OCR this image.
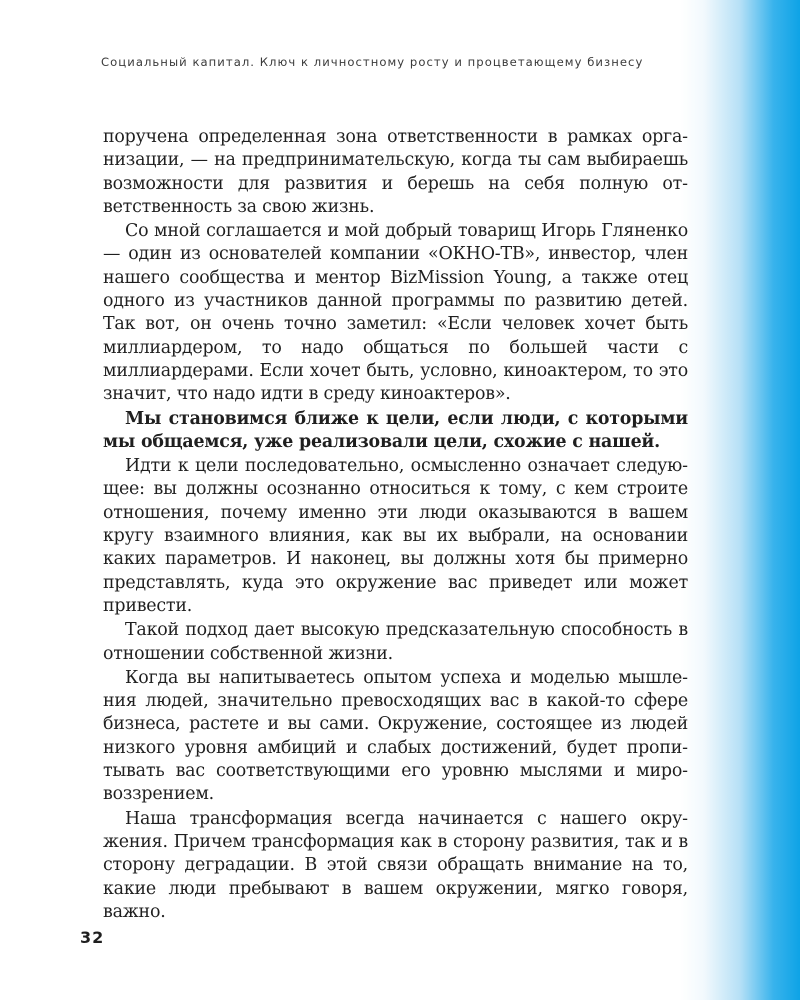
Социальный капитал. Ключ к личностному росту и процветающему бизнесу

поручена определенная зона ответственности в рамках организации, — на предпринимательскую, когда ты сам выбираешь возможности для развития и берешь на себя полную ответственность за свою жизнь.

Со мной соглашается и мой добрый товарищ Игорь Гляненко — один из основателей компании «ОКНО-ТВ», инвестор, член нашего сообщества и ментор BizMission Young, а также отец одного из участников данной программы по развитию детей. Так вот, он очень точно заметил: «Если человек хочет быть миллиардером, то надо общаться по большей части с миллиардерами. Если хочет быть, условно, киноактером, то это значит, что надо идти в среду киноактеров».

Мы становимся ближе к цели, если люди, с которыми мы общаемся, уже реализовали цели, схожие с нашей.

Идти к цели последовательно, осмысленно означает следующее: вы должны осознанно относиться к тому, с кем строите отношения, почему именно эти люди оказываются в вашем кругу взаимного влияния, как вы их выбрали, на основании каких параметров. И наконец, вы должны хотя бы примерно представлять, куда это окружение вас приведет или может привести.

Такой подход дает высокую предсказательную способность в отношении собственной жизни.

Когда вы напитываетесь опытом успеха и моделью мышления людей, значительно превосходящих вас в какой-то сфере бизнеса, растете и вы сами. Окружение, состоящее из людей низкого уровня амбиций и слабых достижений, будет пропитывать вас соответствующими его уровню мыслями и мировоззрением.

Наша трансформация всегда начинается с нашего окружения. Причем трансформация как в сторону развития, так и в сторону деградации. В этой связи обращать внимание на то, какие люди пребывают в вашем окружении, мягко говоря, важно.

32
